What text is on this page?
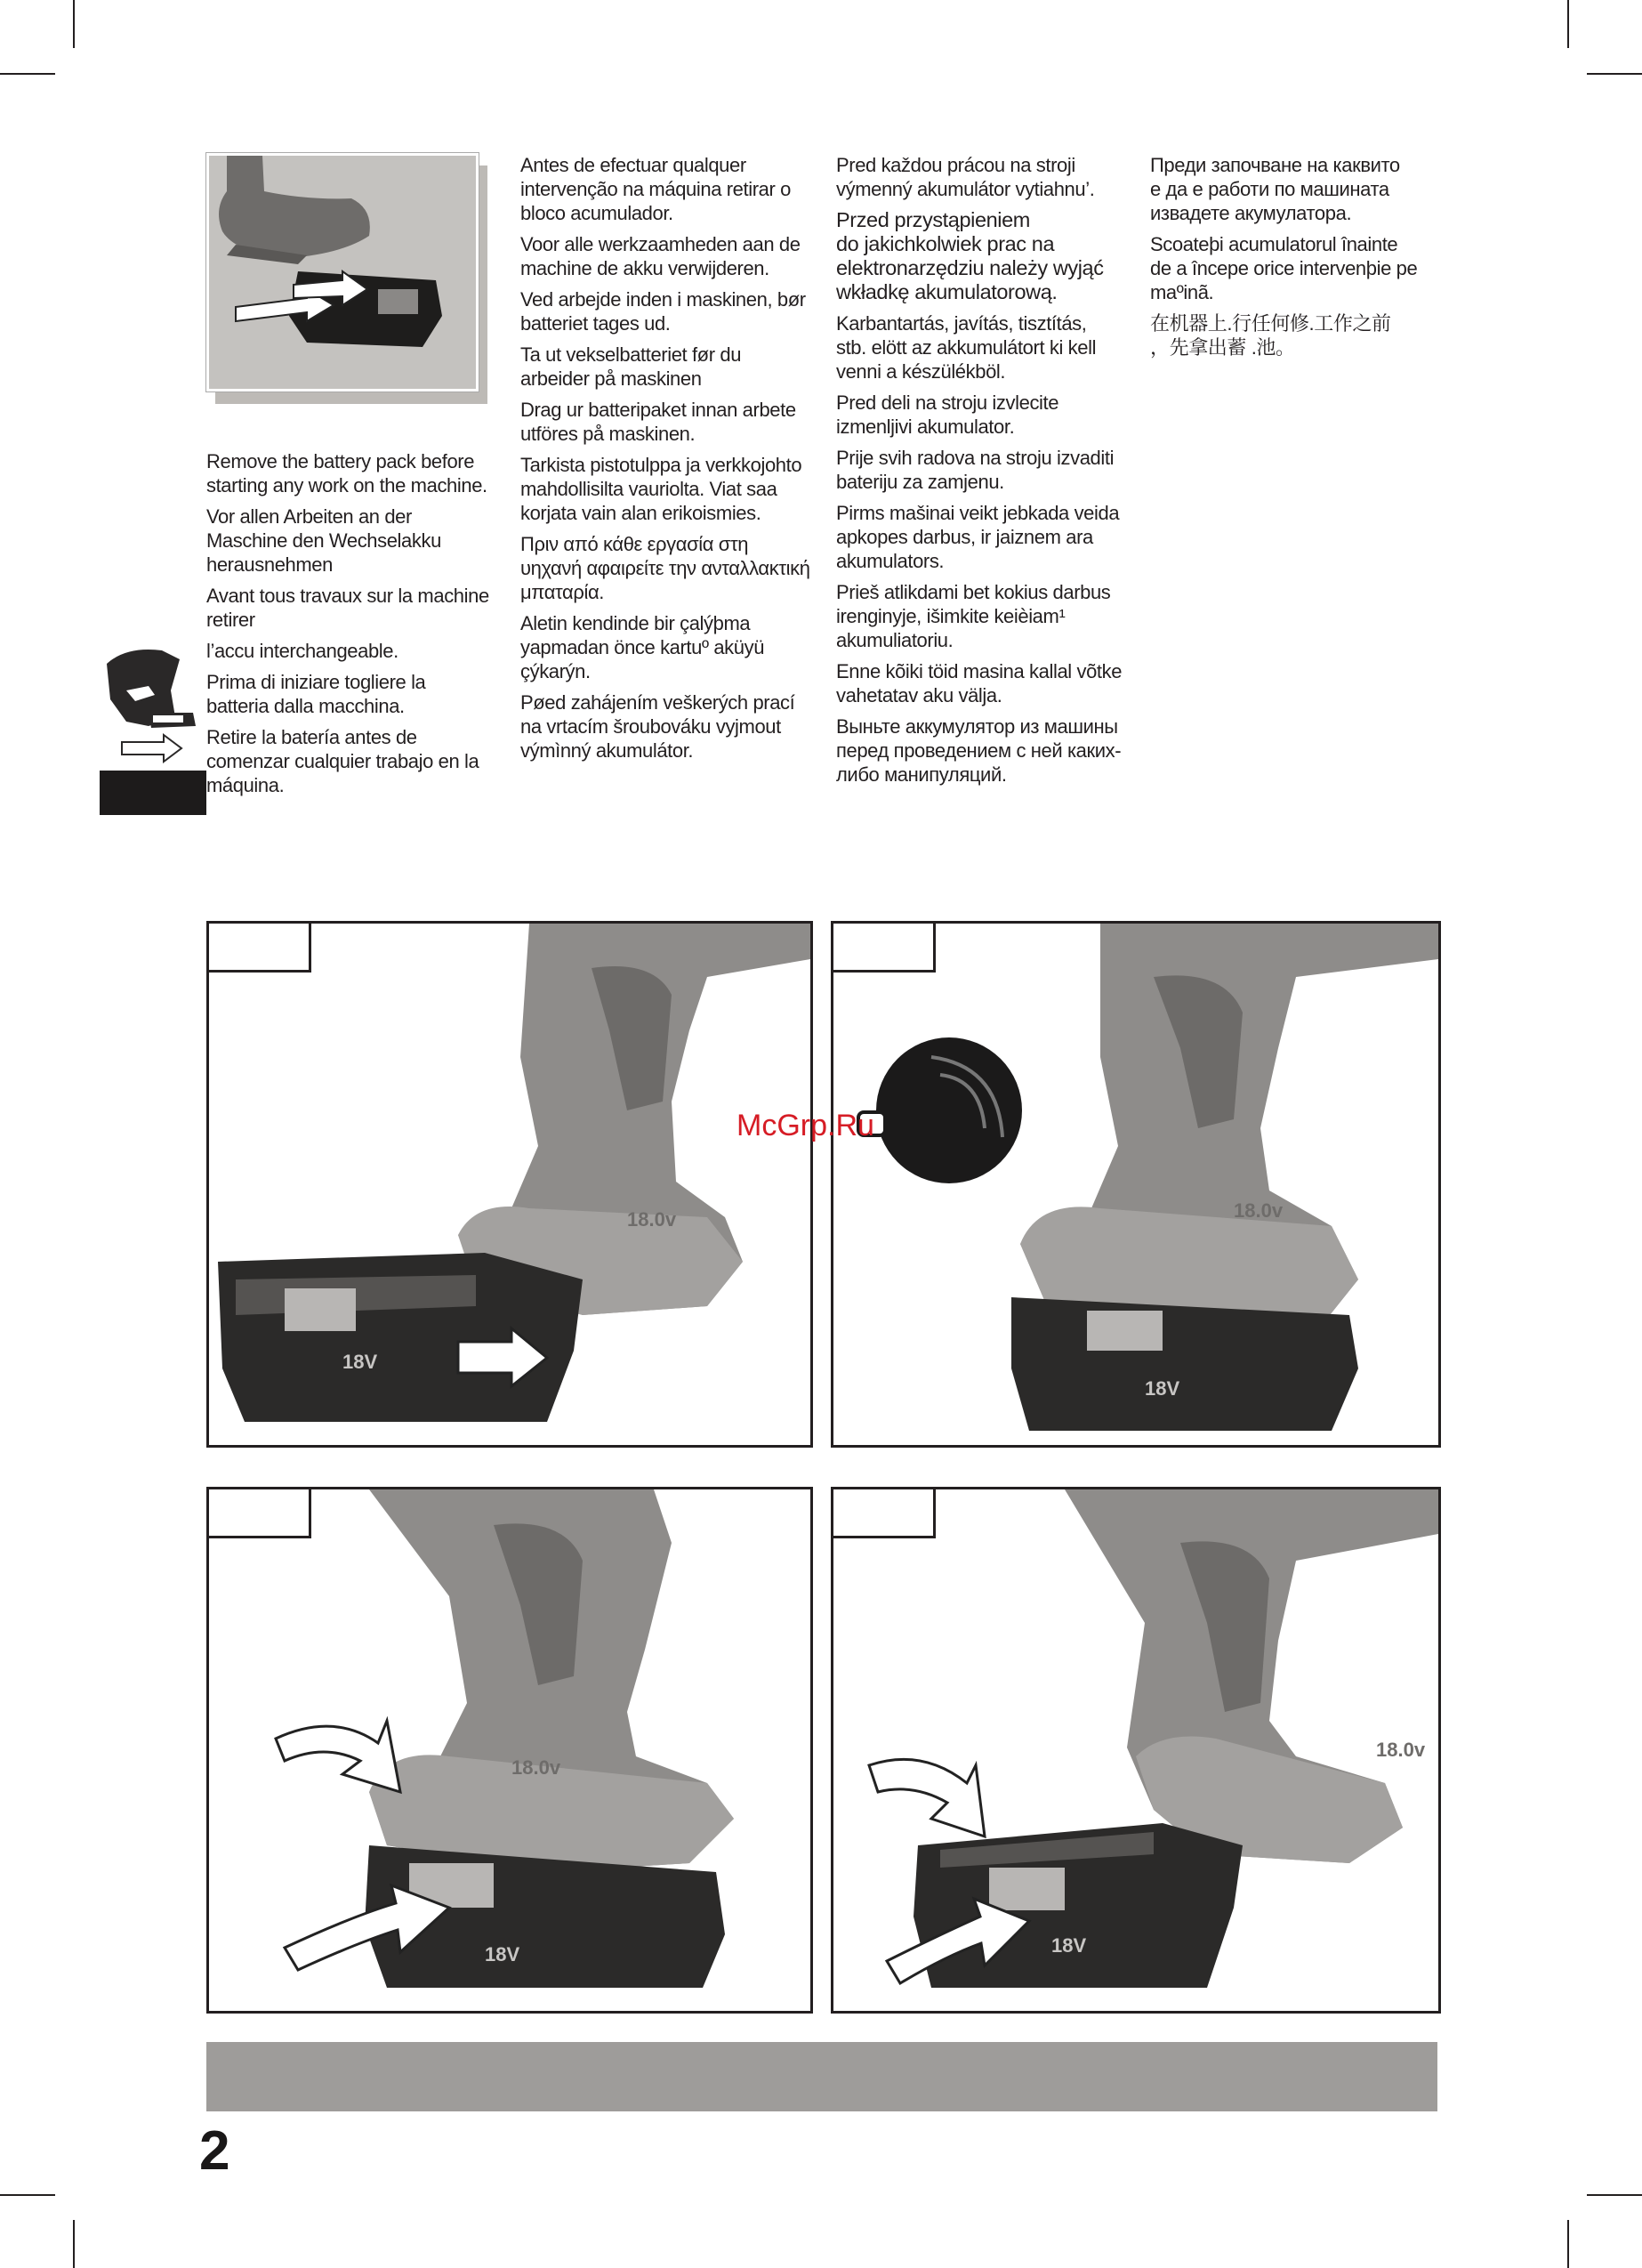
Remove the battery pack before
starting any work on the machine.

Vor allen Arbeiten an der
Maschine den Wechselakku
herausnehmen

Avant tous travaux sur la machine
retirer

l’accu interchangeable.

Prima di iniziare togliere la
batteria dalla macchina.

Retire la batería antes de
comenzar cualquier trabajo en la
máquina.

Antes de efectuar qualquer
intervenção na máquina retirar o
bloco acumulador.

Voor alle werkzaamheden aan de
machine de akku verwijderen.

Ved arbejde inden i maskinen, bør
batteriet tages ud.

Ta ut vekselbatteriet før du
arbeider på maskinen

Drag ur batteripaket innan arbete
utföres på maskinen.

Tarkista pistotulppa ja verkkojohto
mahdollisilta vauriolta. Viat saa
korjata vain alan erikoismies.

Πριν από κάθε εργασία στη
υηχανή αφαιρείτε την ανταλλακτική
μπαταρία.

Aletin kendinde bir çalýþma
yapmadan önce kartuº aküyü
çýkarýn.

Pøed zahájením veškerých prací
na vrtacím šroubováku vyjmout
výmìnný akumulátor.

Pred každou prácou na stroji
výmenný akumulátor vytiahnu’.

Przed przystąpieniem
do jakichkolwiek prac na
elektronarzędziu należy wyjąć
wkładkę akumulatorową.

Karbantartás, javítás, tisztítás,
stb. elött az akkumulátort ki kell
venni a készülékböl.

Pred deli na stroju izvlecite
izmenljivi akumulator.

Prije svih radova na stroju izvaditi
bateriju za zamjenu.

Pirms mašinai veikt jebkada veida
apkopes darbus, ir jaiznem ara
akumulators.

Prieš atlikdami bet kokius darbus
irenginyje, išimkite keièiam¹
akumuliatoriu.

Enne kõiki töid masina kallal võtke
vahetatav aku välja.

Выньте аккумулятор из машины
перед проведением с ней каких-
либо манипуляций.

Преди започване на каквито
е да е работи по машината
извадете акумулатора.

Scoateþi acumulatorul înainte
de a începe orice intervenþie pe
maºinã.

在机器上.行任何修.工作之前
，先拿出蓄 .池。

18.0v
18V
18.0v
18V
18.0v
18V
18.0v
18V
McGrp.Ru
2
